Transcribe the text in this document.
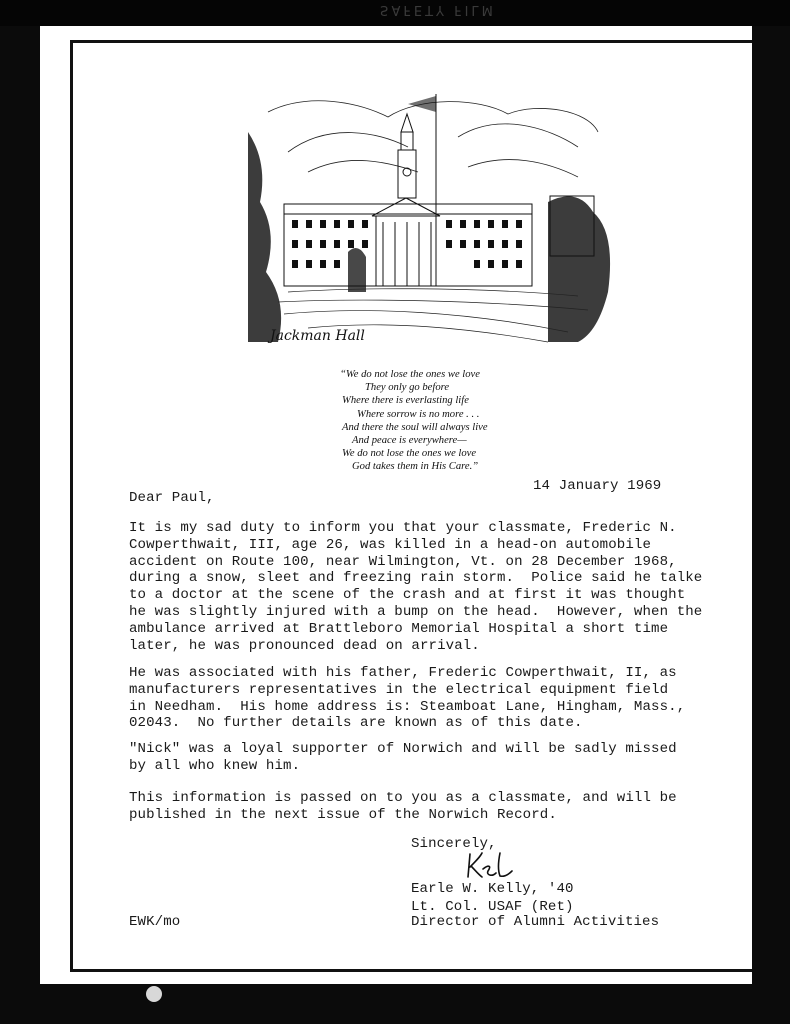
SAFETY FILM
Jackman Hall
“We do not lose the ones we love
They only go before
Where there is everlasting life
Where sorrow is no more . . .
And there the soul will always live
And peace is everywhere—
We do not lose the ones we love
God takes them in His Care.”
14 January 1969
Dear Paul,
It is my sad duty to inform you that your classmate, Frederic N.
Cowperthwait, III, age 26, was killed in a head-on automobile
accident on Route 100, near Wilmington, Vt. on 28 December 1968,
during a snow, sleet and freezing rain storm.  Police said he talke
to a doctor at the scene of the crash and at first it was thought
he was slightly injured with a bump on the head.  However, when the
ambulance arrived at Brattleboro Memorial Hospital a short time
later, he was pronounced dead on arrival.
He was associated with his father, Frederic Cowperthwait, II, as
manufacturers representatives in the electrical equipment field
in Needham.  His home address is: Steamboat Lane, Hingham, Mass.,
02043.  No further details are known as of this date.
"Nick" was a loyal supporter of Norwich and will be sadly missed
by all who knew him.
This information is passed on to you as a classmate, and will be
published in the next issue of the Norwich Record.
Sincerely,
Earle W. Kelly, '40
Lt. Col. USAF (Ret)
Director of Alumni Activities
EWK/mo
